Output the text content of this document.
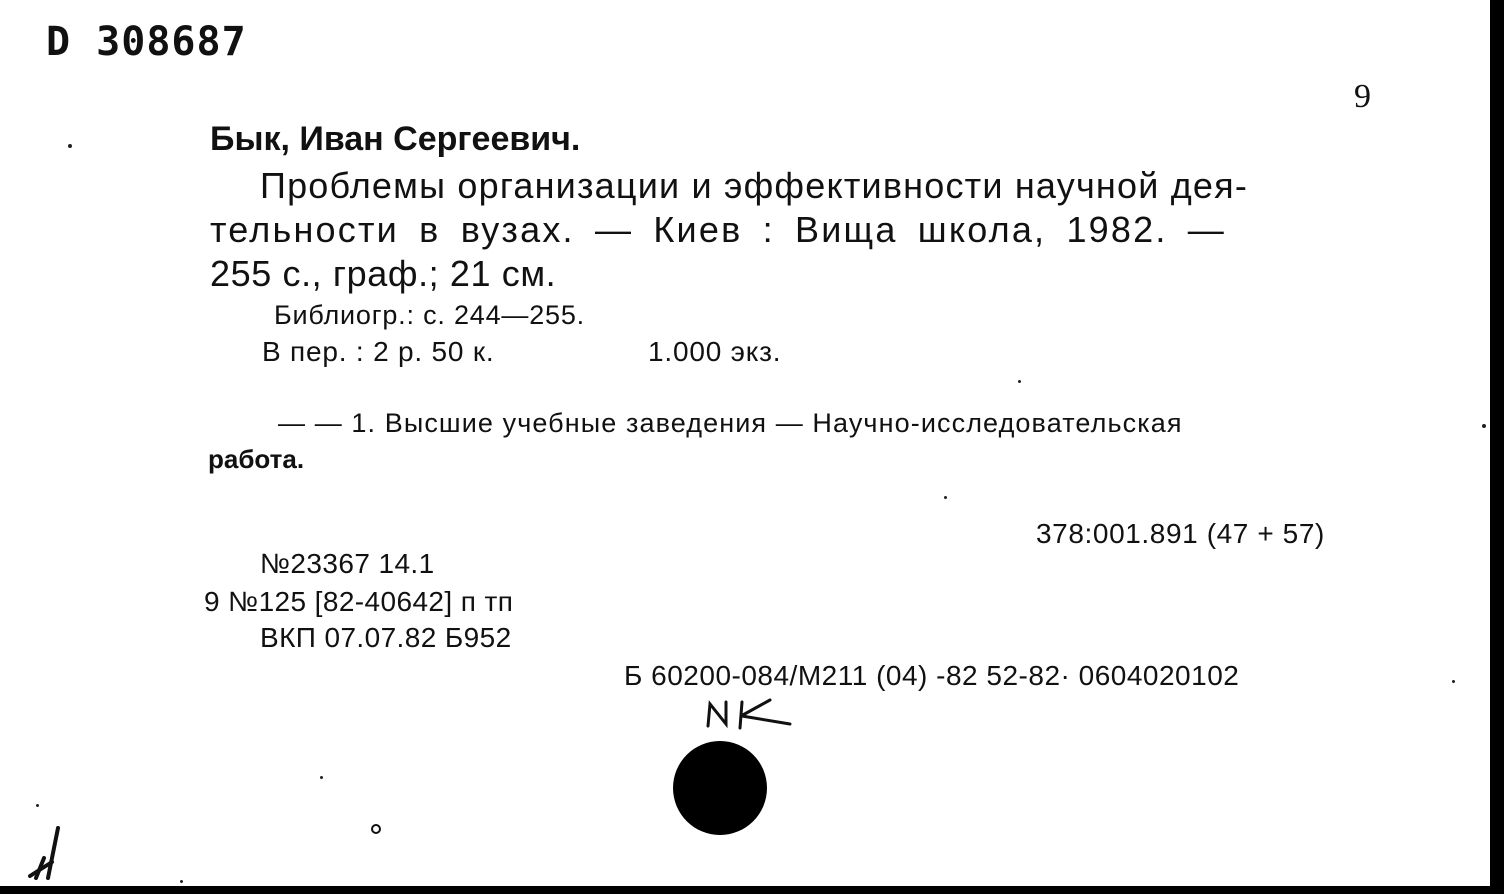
D 308687
9
Бык, Иван Сергеевич.
Проблемы организации и эффективности научной дея-
тельности в вузах. — Киев : Вища школа, 1982. —
255 с., граф.; 21 см.
Библиогр.: с. 244—255.
В пер. : 2 р. 50 к.	1.000 экз.
— — 1. Высшие учебные заведения — Научно-исследовательская
работа.
378:001.891 (47 + 57)
№23367 14.1
9 №125 [82-40642] п тп
ВКП 07.07.82 Б952
Б 60200-084/М211 (04) -82 52-82· 0604020102
